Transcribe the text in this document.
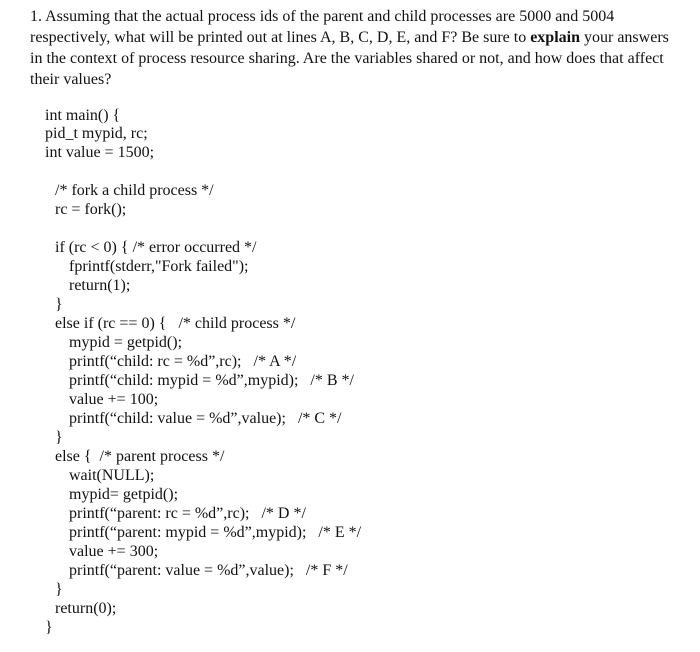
1. Assuming that the actual process ids of the parent and child processes are 5000 and 5004 respectively, what will be printed out at lines A, B, C, D, E, and F? Be sure to explain your answers in the context of process resource sharing. Are the variables shared or not, and how does that affect their values?

int main() {
pid_t mypid, rc;
int value = 1500;
/* fork a child process */
rc = fork();
if (rc < 0) { /* error occurred */
fprintf(stderr,"Fork failed");
return(1);
}
else if (rc == 0) {   /* child process */
mypid = getpid();
printf(“child: rc = %d”,rc);   /* A */
printf(“child: mypid = %d”,mypid);   /* B */
value += 100;
printf(“child: value = %d”,value);   /* C */
}
else {  /* parent process */
wait(NULL);
mypid= getpid();
printf(“parent: rc = %d”,rc);   /* D */
printf(“parent: mypid = %d”,mypid);   /* E */
value += 300;
printf(“parent: value = %d”,value);   /* F */
}
return(0);
}
